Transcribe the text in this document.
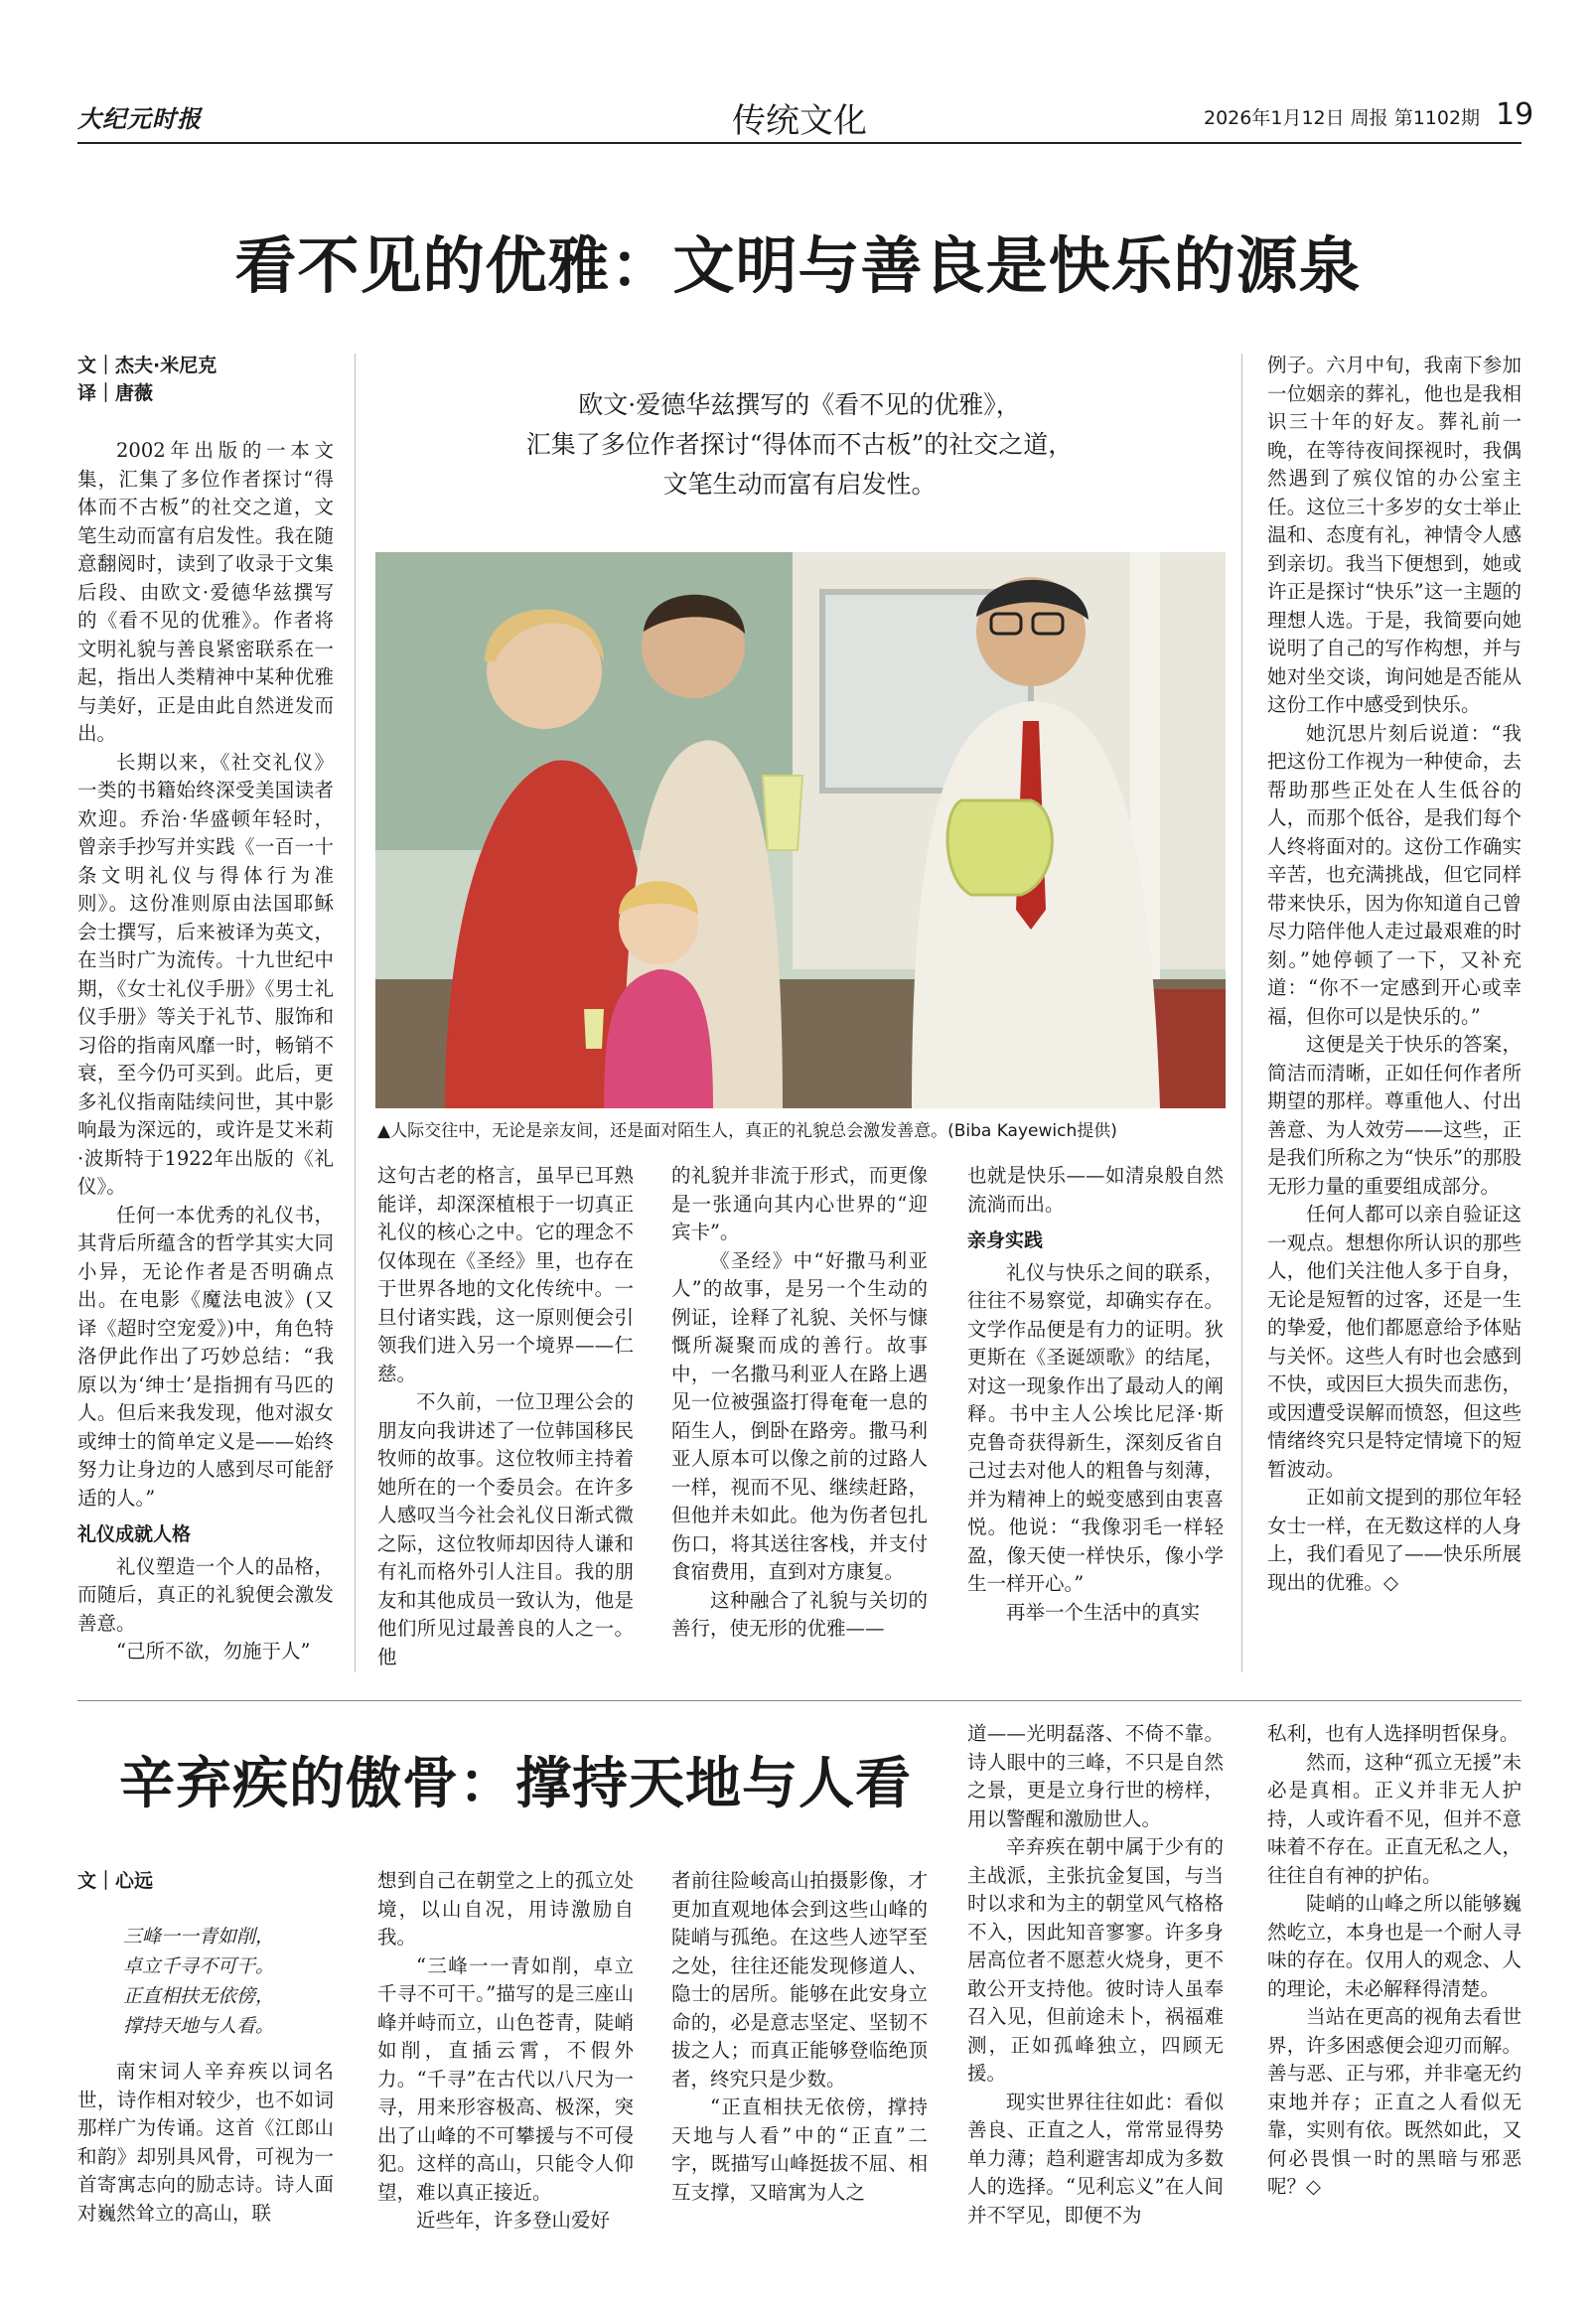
大纪元时报	传统文化	2026年1月12日 周报 第1102期 19
看不见的优雅：文明与善良是快乐的源泉
文｜杰夫·米尼克
译｜唐薇

2002年出版的一本文集，汇集了多位作者探讨“得体而不古板”的社交之道，文笔生动而富有启发性。我在随意翻阅时，读到了收录于文集后段、由欧文·爱德华兹撰写的《看不见的优雅》。作者将文明礼貌与善良紧密联系在一起，指出人类精神中某种优雅与美好，正是由此自然迸发而出。

长期以来，《社交礼仪》一类的书籍始终深受美国读者欢迎。乔治·华盛顿年轻时，曾亲手抄写并实践《一百一十条文明礼仪与得体行为准则》。这份准则原由法国耶稣会士撰写，后来被译为英文，在当时广为流传。十九世纪中期，《女士礼仪手册》《男士礼仪手册》等关于礼节、服饰和习俗的指南风靡一时，畅销不衰，至今仍可买到。此后，更多礼仪指南陆续问世，其中影响最为深远的，或许是艾米莉·波斯特于1922年出版的《礼仪》。

任何一本优秀的礼仪书，其背后所蕴含的哲学其实大同小异，无论作者是否明确点出。在电影《魔法电波》(又译《超时空宠爱》)中，角色特洛伊此作出了巧妙总结：“我原以为‘绅士’是指拥有马匹的人。但后来我发现，他对淑女或绅士的简单定义是——始终努力让身边的人感到尽可能舒适的人。”

礼仪成就人格

礼仪塑造一个人的品格，而随后，真正的礼貌便会激发善意。

“己所不欲，勿施于人”

欧文·爱德华兹撰写的《看不见的优雅》，
汇集了多位作者探讨“得体而不古板”的社交之道，
文笔生动而富有启发性。
▲人际交往中，无论是亲友间，还是面对陌生人，真正的礼貌总会激发善意。(Biba Kayewich提供)

这句古老的格言，虽早已耳熟能详，却深深植根于一切真正礼仪的核心之中。它的理念不仅体现在《圣经》里，也存在于世界各地的文化传统中。一旦付诸实践，这一原则便会引领我们进入另一个境界——仁慈。

不久前，一位卫理公会的朋友向我讲述了一位韩国移民牧师的故事。这位牧师主持着她所在的一个委员会。在许多人感叹当今社会礼仪日渐式微之际，这位牧师却因待人谦和有礼而格外引人注目。我的朋友和其他成员一致认为，他是他们所见过最善良的人之一。他

的礼貌并非流于形式，而更像是一张通向其内心世界的“迎宾卡”。

《圣经》中“好撒马利亚人”的故事，是另一个生动的例证，诠释了礼貌、关怀与慷慨所凝聚而成的善行。故事中，一名撒马利亚人在路上遇见一位被强盗打得奄奄一息的陌生人，倒卧在路旁。撒马利亚人原本可以像之前的过路人一样，视而不见、继续赶路，但他并未如此。他为伤者包扎伤口，将其送往客栈，并支付食宿费用，直到对方康复。

这种融合了礼貌与关切的善行，使无形的优雅——

也就是快乐——如清泉般自然流淌而出。

亲身实践

礼仪与快乐之间的联系，往往不易察觉，却确实存在。文学作品便是有力的证明。狄更斯在《圣诞颂歌》的结尾，对这一现象作出了最动人的阐释。书中主人公埃比尼泽·斯克鲁奇获得新生，深刻反省自己过去对他人的粗鲁与刻薄，并为精神上的蜕变感到由衷喜悦。他说：“我像羽毛一样轻盈，像天使一样快乐，像小学生一样开心。”

再举一个生活中的真实

例子。六月中旬，我南下参加一位姻亲的葬礼，他也是我相识三十年的好友。葬礼前一晚，在等待夜间探视时，我偶然遇到了殡仪馆的办公室主任。这位三十多岁的女士举止温和、态度有礼，神情令人感到亲切。我当下便想到，她或许正是探讨“快乐”这一主题的理想人选。于是，我简要向她说明了自己的写作构想，并与她对坐交谈，询问她是否能从这份工作中感受到快乐。

她沉思片刻后说道：“我把这份工作视为一种使命，去帮助那些正处在人生低谷的人，而那个低谷，是我们每个人终将面对的。这份工作确实辛苦，也充满挑战，但它同样带来快乐，因为你知道自己曾尽力陪伴他人走过最艰难的时刻。”她停顿了一下，又补充道：“你不一定感到开心或幸福，但你可以是快乐的。”

这便是关于快乐的答案，简洁而清晰，正如任何作者所期望的那样。尊重他人、付出善意、为人效劳——这些，正是我们所称之为“快乐”的那股无形力量的重要组成部分。

任何人都可以亲自验证这一观点。想想你所认识的那些人，他们关注他人多于自身，无论是短暂的过客，还是一生的挚爱，他们都愿意给予体贴与关怀。这些人有时也会感到不快，或因巨大损失而悲伤，或因遭受误解而愤怒，但这些情绪终究只是特定情境下的短暂波动。

正如前文提到的那位年轻女士一样，在无数这样的人身上，我们看见了——快乐所展现出的优雅。◇

辛弃疾的傲骨：撑持天地与人看
文｜心远
三峰一一青如削，
卓立千寻不可干。
正直相扶无依傍，
撑持天地与人看。

南宋词人辛弃疾以词名世，诗作相对较少，也不如词那样广为传诵。这首《江郎山和韵》却别具风骨，可视为一首寄寓志向的励志诗。诗人面对巍然耸立的高山，联

想到自己在朝堂之上的孤立处境，以山自况，用诗激励自我。

“三峰一一青如削，卓立千寻不可干。”描写的是三座山峰并峙而立，山色苍青，陡峭如削，直插云霄，不假外力。“千寻”在古代以八尺为一寻，用来形容极高、极深，突出了山峰的不可攀援与不可侵犯。这样的高山，只能令人仰望，难以真正接近。

近些年，许多登山爱好

者前往险峻高山拍摄影像，才更加直观地体会到这些山峰的陡峭与孤绝。在这些人迹罕至之处，往往还能发现修道人、隐士的居所。能够在此安身立命的，必是意志坚定、坚韧不拔之人；而真正能够登临绝顶者，终究只是少数。

“正直相扶无依傍，撑持天地与人看”中的“正直”二字，既描写山峰挺拔不屈、相互支撑，又暗寓为人之

道——光明磊落、不倚不靠。诗人眼中的三峰，不只是自然之景，更是立身行世的榜样，用以警醒和激励世人。

辛弃疾在朝中属于少有的主战派，主张抗金复国，与当时以求和为主的朝堂风气格格不入，因此知音寥寥。许多身居高位者不愿惹火烧身，更不敢公开支持他。彼时诗人虽奉召入见，但前途未卜，祸福难测，正如孤峰独立，四顾无援。

现实世界往往如此：看似善良、正直之人，常常显得势单力薄；趋利避害却成为多数人的选择。“见利忘义”在人间并不罕见，即便不为

私利，也有人选择明哲保身。

然而，这种“孤立无援”未必是真相。正义并非无人护持，人或许看不见，但并不意味着不存在。正直无私之人，往往自有神的护佑。

陡峭的山峰之所以能够巍然屹立，本身也是一个耐人寻味的存在。仅用人的观念、人的理论，未必解释得清楚。

当站在更高的视角去看世界，许多困惑便会迎刃而解。善与恶、正与邪，并非毫无约束地并存；正直之人看似无靠，实则有依。既然如此，又何必畏惧一时的黑暗与邪恶呢？◇
